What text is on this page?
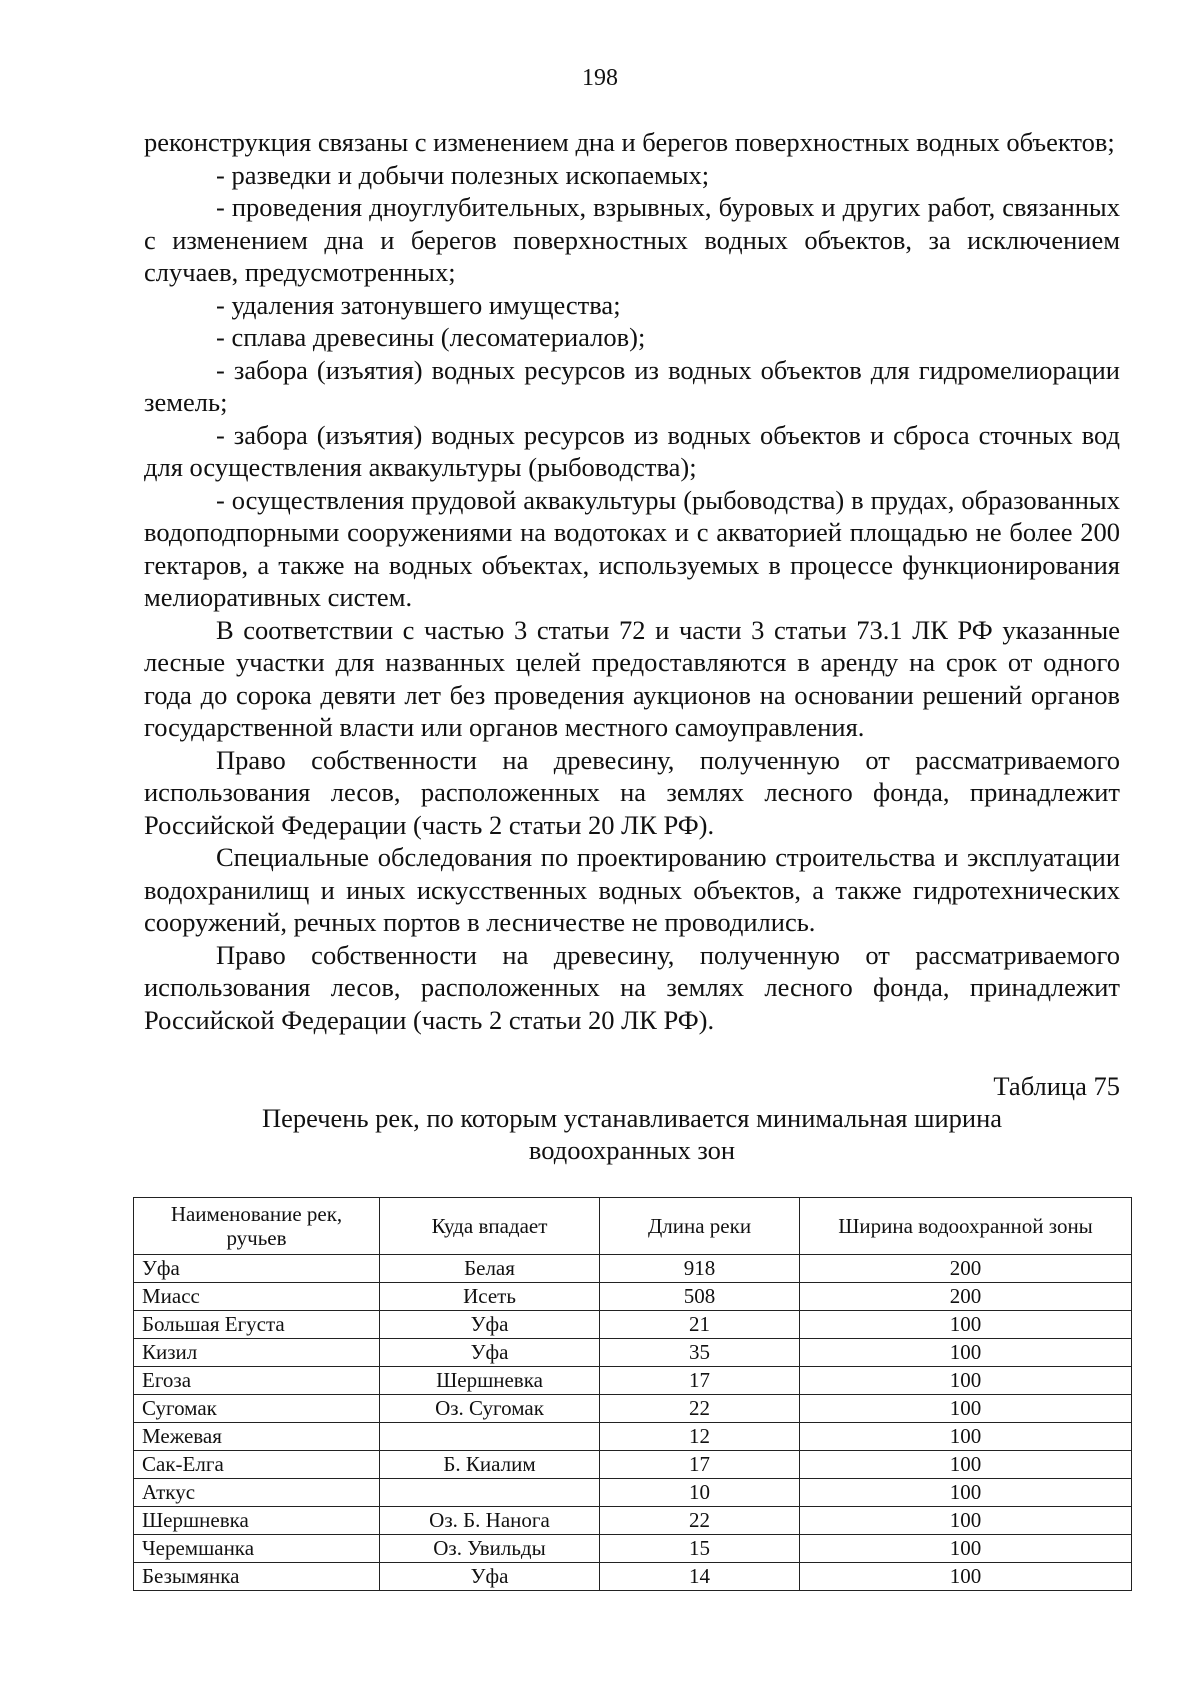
198

реконструкция связаны с изменением дна и берегов поверхностных водных объектов;

- разведки и добычи полезных ископаемых;

- проведения дноуглубительных, взрывных, буровых и других работ, связанных с изменением дна и берегов поверхностных водных объектов, за исключением случаев, предусмотренных;

- удаления затонувшего имущества;

- сплава древесины (лесоматериалов);

- забора (изъятия) водных ресурсов из водных объектов для гидромелиорации земель;

- забора (изъятия) водных ресурсов из водных объектов и сброса сточных вод для осуществления аквакультуры (рыбоводства);

- осуществления прудовой аквакультуры (рыбоводства) в прудах, образованных водоподпорными сооружениями на водотоках и с акваторией площадью не более 200 гектаров, а также на водных объектах, используемых в процессе функционирования мелиоративных систем.

В соответствии с частью 3 статьи 72 и части 3 статьи 73.1 ЛК РФ указанные лесные участки для названных целей предоставляются в аренду на срок от одного года до сорока девяти лет без проведения аукционов на основании решений органов государственной власти или органов местного самоуправления.

Право собственности на древесину, полученную от рассматриваемого использования лесов, расположенных на землях лесного фонда, принадлежит Российской Федерации (часть 2 статьи 20 ЛК РФ).

Специальные обследования по проектированию строительства и эксплуатации водохранилищ и иных искусственных водных объектов, а также гидротехнических сооружений, речных портов в лесничестве не проводились.

Право собственности на древесину, полученную от рассматриваемого использования лесов, расположенных на землях лесного фонда, принадлежит Российской Федерации (часть 2 статьи 20 ЛК РФ).

Таблица 75
Перечень рек, по которым устанавливается минимальная ширина водоохранных зон
Наименование рек, ручьев	Куда впадает	Длина реки	Ширина водоохранной зоны
Уфа	Белая	918	200
Миасс	Исеть	508	200
Большая Егуста	Уфа	21	100
Кизил	Уфа	35	100
Егоза	Шершневка	17	100
Сугомак	Оз. Сугомак	22	100
Межевая		12	100
Сак-Елга	Б. Киалим	17	100
Аткус		10	100
Шершневка	Оз. Б. Нанога	22	100
Черемшанка	Оз. Увильды	15	100
Безымянка	Уфа	14	100
